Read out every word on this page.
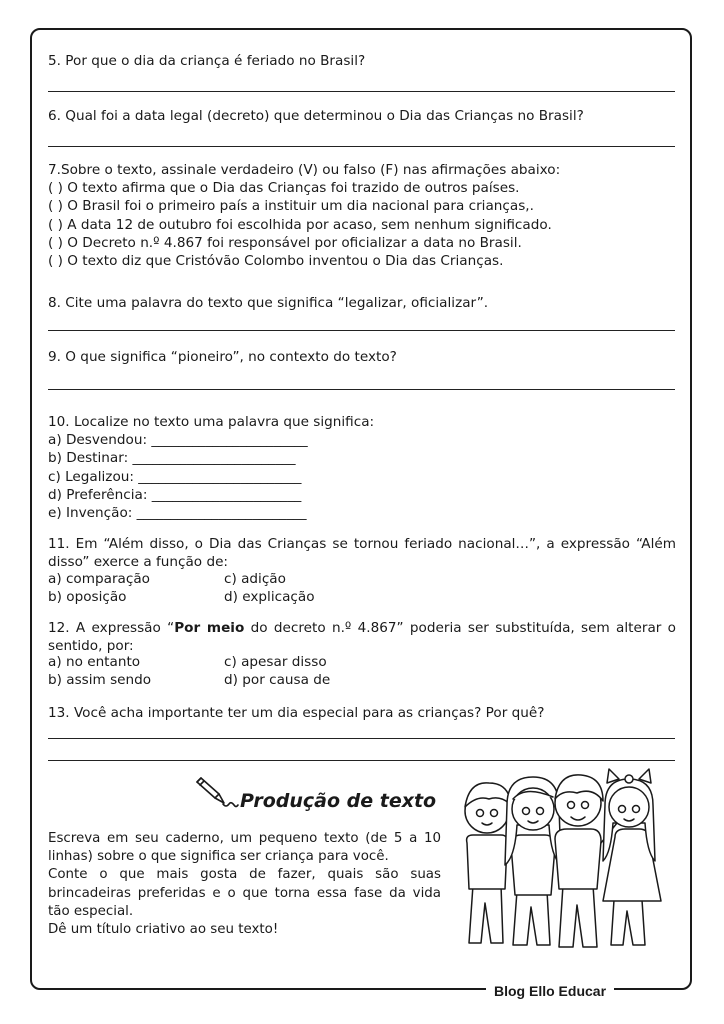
5. Por que o dia da criança é feriado no Brasil?
6. Qual foi a data legal (decreto) que determinou o Dia das Crianças no Brasil?
7.Sobre o texto, assinale verdadeiro (V) ou falso (F) nas afirmações abaixo:
( ) O texto afirma que o Dia das Crianças foi trazido de outros países.
( ) O Brasil foi o primeiro país a instituir um dia nacional para crianças,.
( ) A data 12 de outubro foi escolhida por acaso, sem nenhum significado.
( ) O Decreto n.º 4.867 foi responsável por oficializar a data no Brasil.
( ) O texto diz que Cristóvão Colombo inventou o Dia das Crianças.
8. Cite uma palavra do texto que significa “legalizar, oficializar”.
9. O que significa “pioneiro”, no contexto do texto?
10. Localize no texto uma palavra que significa:
a) Desvendou: _______________________
b) Destinar: ________________________
c) Legalizou: ________________________
d) Preferência: ______________________
e) Invenção: _________________________
11. Em “Além disso, o Dia das Crianças se tornou feriado nacional…”, a expressão “Além disso” exerce a função de:
a) comparação	c) adição
b) oposição	d) explicação
12. A expressão “Por meio do decreto n.º 4.867” poderia ser substituída, sem alterar o sentido, por:
a) no entanto	c) apesar disso
b) assim sendo	d) por causa de
13. Você acha importante ter um dia especial para as crianças? Por quê?
Produção de texto
Escreva em seu caderno, um pequeno texto (de 5 a 10 linhas) sobre o que significa ser criança para você.
Conte o que mais gosta de fazer, quais são suas brincadeiras preferidas e o que torna essa fase da vida tão especial.
Dê um título criativo ao seu texto!
Blog Ello Educar
